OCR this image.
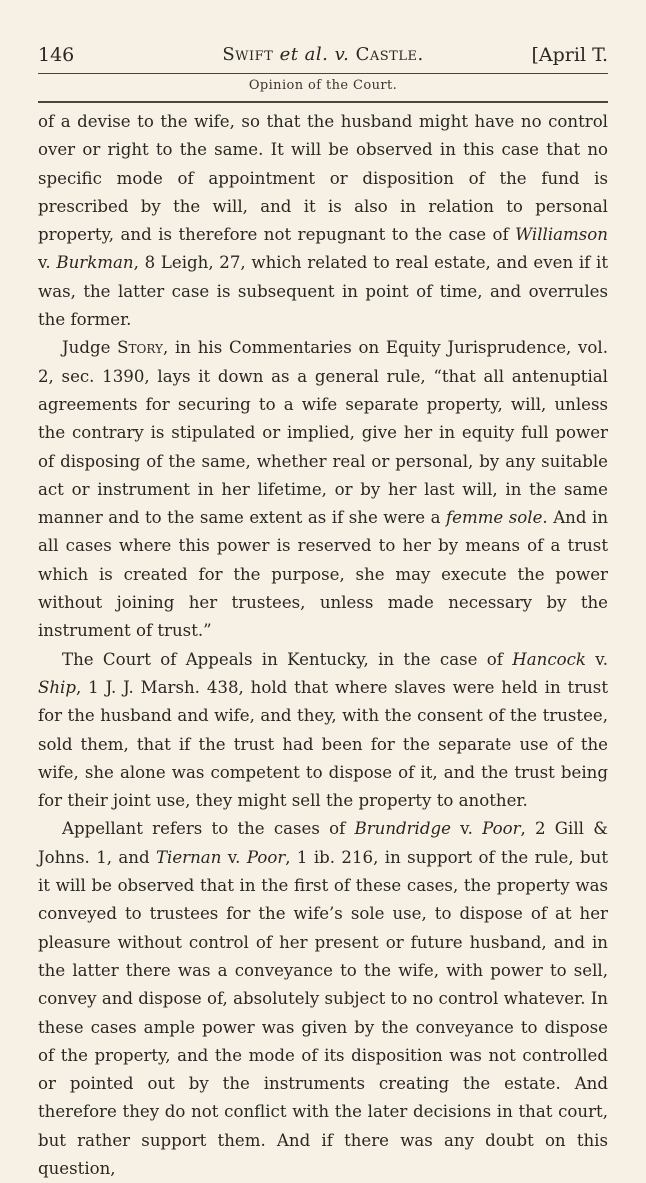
146	Swift et al. v. Castle.	[April T.
Opinion of the Court.

of a devise to the wife, so that the husband might have no control over or right to the same. It will be observed in this case that no specific mode of appointment or disposition of the fund is prescribed by the will, and it is also in relation to personal property, and is therefore not repugnant to the case of Williamson v. Burkman, 8 Leigh, 27, which related to real estate, and even if it was, the latter case is subsequent in point of time, and overrules the former.

Judge Story, in his Commentaries on Equity Jurisprudence, vol. 2, sec. 1390, lays it down as a general rule, “that all antenuptial agreements for securing to a wife separate property, will, unless the contrary is stipulated or implied, give her in equity full power of disposing of the same, whether real or personal, by any suitable act or instrument in her lifetime, or by her last will, in the same manner and to the same extent as if she were a femme sole. And in all cases where this power is reserved to her by means of a trust which is created for the purpose, she may execute the power without joining her trustees, unless made necessary by the instrument of trust.”

The Court of Appeals in Kentucky, in the case of Hancock v. Ship, 1 J. J. Marsh. 438, hold that where slaves were held in trust for the husband and wife, and they, with the consent of the trustee, sold them, that if the trust had been for the separate use of the wife, she alone was competent to dispose of it, and the trust being for their joint use, they might sell the property to another.

Appellant refers to the cases of Brundridge v. Poor, 2 Gill & Johns. 1, and Tiernan v. Poor, 1 ib. 216, in support of the rule, but it will be observed that in the first of these cases, the property was conveyed to trustees for the wife’s sole use, to dispose of at her pleasure without control of her present or future husband, and in the latter there was a conveyance to the wife, with power to sell, convey and dispose of, absolutely subject to no control whatever. In these cases ample power was given by the conveyance to dispose of the property, and the mode of its disposition was not controlled or pointed out by the instruments creating the estate. And therefore they do not conflict with the later decisions in that court, but rather support them. And if there was any doubt on this question,
